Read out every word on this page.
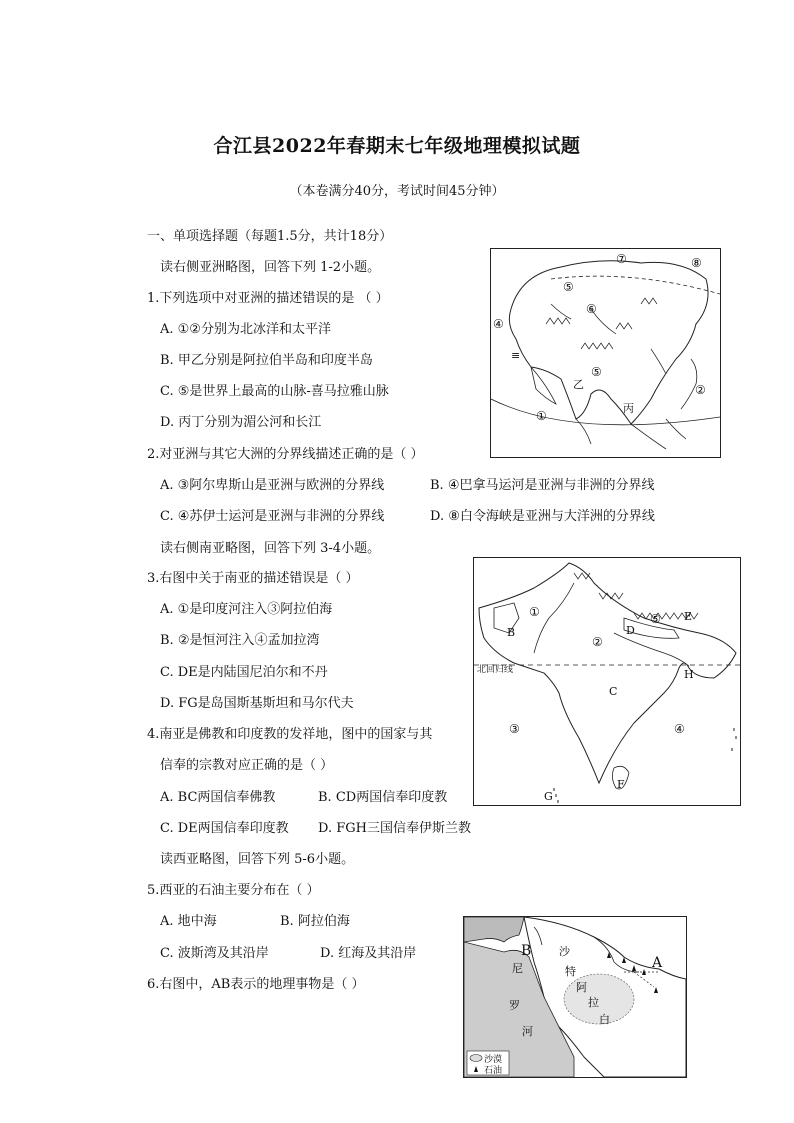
合江县2022年春期末七年级地理模拟试题
（本卷满分40分，考试时间45分钟）
一、单项选择题（每题1.5分，共计18分）
读右侧亚洲略图，回答下列 1-2小题。
1.下列选项中对亚洲的描述错误的是 （ ）
A. ①②分别为北冰洋和太平洋
B. 甲乙分别是阿拉伯半岛和印度半岛
C. ⑤是世界上最高的山脉-喜马拉雅山脉
D. 丙丁分别为湄公河和长江
2.对亚洲与其它大洲的分界线描述正确的是（ ）
A. ③阿尔卑斯山是亚洲与欧洲的分界线	B. ④巴拿马运河是亚洲与非洲的分界线
C. ④苏伊士运河是亚洲与非洲的分界线	D. ⑧白令海峡是亚洲与大洋洲的分界线
读右侧南亚略图，回答下列 3-4小题。
3.右图中关于南亚的描述错误是（ ）
A. ①是印度河注入③阿拉伯海
B. ②是恒河注入④孟加拉湾
C. DE是内陆国尼泊尔和不丹
D. FG是岛国斯基斯坦和马尔代夫
4.南亚是佛教和印度教的发祥地，图中的国家与其
信奉的宗教对应正确的是（ ）
A. BC两国信奉佛教	B. CD两国信奉印度教
C. DE两国信奉印度教 D. FGH三国信奉伊斯兰教
读西亚略图，回答下列 5-6小题。
5.西亚的石油主要分布在（ ）
A. 地中海	B. 阿拉伯海
C. 波斯湾及其沿岸	D. 红海及其沿岸
6.右图中，AB表示的地理事物是（ ）
⑦	⑧
⑤
⑥
④
≡
⑤
乙	②
丙
①
①
B
②
D
⑤ E
H
北回归线
C
③	④
F
G
B
A
沙
特
阿
拉
白
尼
罗
河
沙漠
石油
